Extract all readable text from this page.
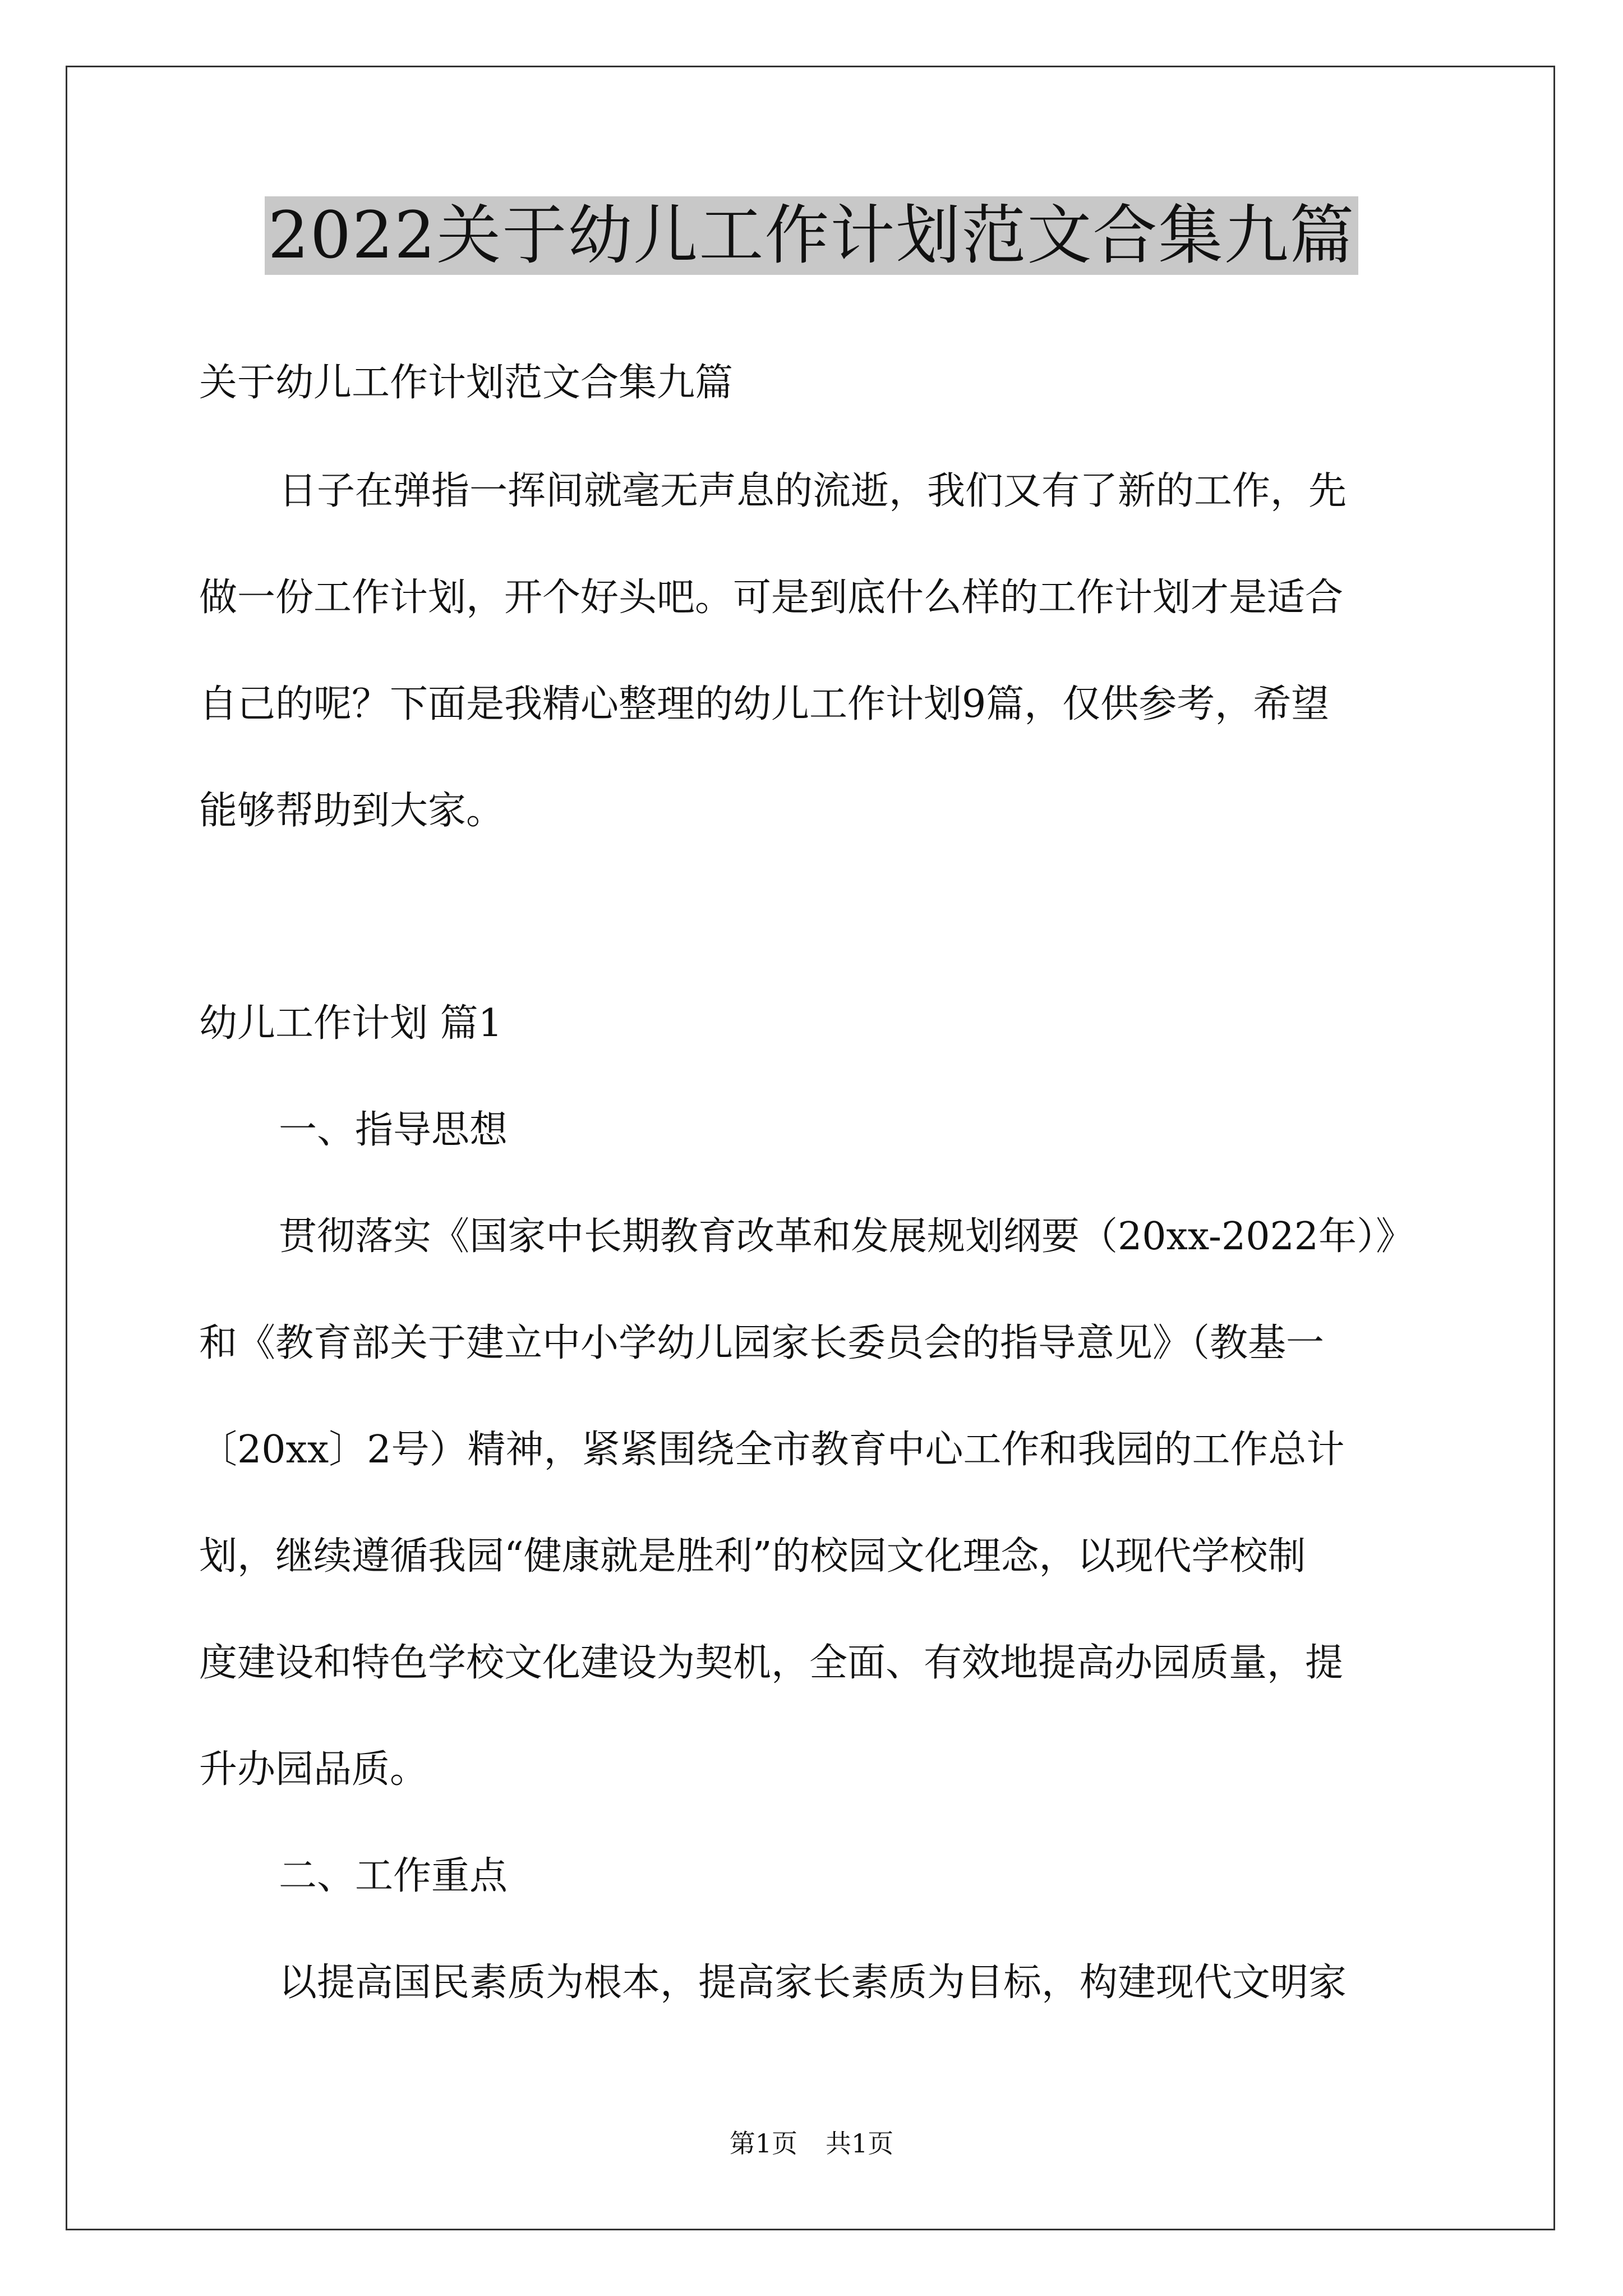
2022关于幼儿工作计划范文合集九篇
关于幼儿工作计划范文合集九篇
日子在弹指一挥间就毫无声息的流逝，我们又有了新的工作，先
做一份工作计划，开个好头吧。可是到底什么样的工作计划才是适合
自己的呢？下面是我精心整理的幼儿工作计划9篇，仅供参考，希望
能够帮助到大家。
幼儿工作计划 篇1
一、指导思想
贯彻落实《国家中长期教育改革和发展规划纲要（20xx-2022年）》
和《教育部关于建立中小学幼儿园家长委员会的指导意见》（教基一
〔20xx〕2号）精神，紧紧围绕全市教育中心工作和我园的工作总计
划，继续遵循我园“健康就是胜利”的校园文化理念，以现代学校制
度建设和特色学校文化建设为契机，全面、有效地提高办园质量，提
升办园品质。
二、工作重点
以提高国民素质为根本，提高家长素质为目标，构建现代文明家
第1页 共1页
